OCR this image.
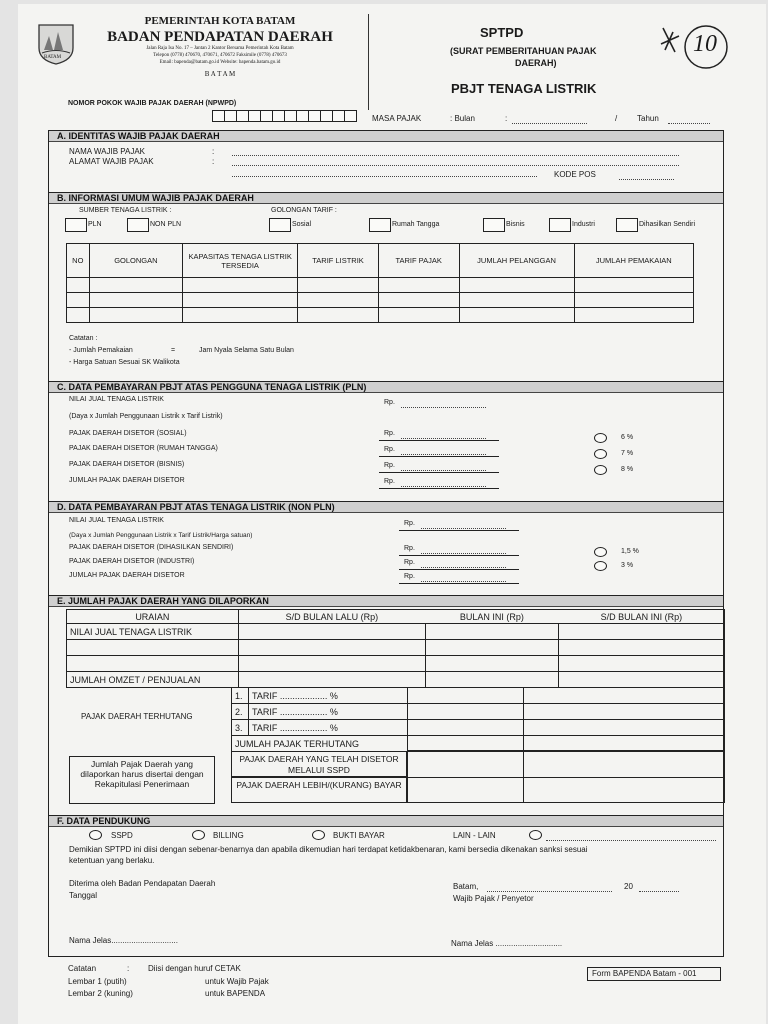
BATAM
PEMERINTAH KOTA BATAM
BADAN PENDAPATAN DAERAH
Jalan Raja Isa No. 17 – Jantan 2 Kantor Bersama Pemerintah Kota Batam
Telepon (0778) 470670, 470671, 470672 Faksimile (0778) 470673
Email: bapenda@batam.go.id Website: bapenda.batam.go.id
B A T A M
SPTPD
(SURAT PEMBERITAHUAN PAJAK
DAERAH)
PBJT TENAGA LISTRIK
10
NOMOR POKOK WAJIB PAJAK DAERAH (NPWPD)
MASA PAJAK	: Bulan	:	/ Tahun
A. IDENTITAS WAJIB PAJAK DAERAH
NAMA WAJIB PAJAK	:
ALAMAT WAJIB PAJAK	:
KODE POS
B. INFORMASI UMUM WAJIB PAJAK DAERAH
SUMBER TENAGA LISTRIK :	GOLONGAN TARIF :
PLN	NON PLN	Sosial	Rumah Tangga	Bisnis	Industri	Dihasilkan Sendiri
NO	GOLONGAN	KAPASITAS TENAGA LISTRIK TERSEDIA	TARIF LISTRIK	TARIF PAJAK	JUMLAH PELANGGAN	JUMLAH PEMAKAIAN

Catatan :
- Jumlah Pemakaian	=	Jam Nyala Selama Satu Bulan
- Harga Satuan Sesuai SK Walikota
C. DATA PEMBAYARAN PBJT ATAS PENGGUNA TENAGA LISTRIK (PLN)
NILAI JUAL TENAGA LISTRIK	Rp.
(Daya x Jumlah Penggunaan Listrik x Tarif Listrik)
PAJAK DAERAH DISETOR (SOSIAL)	Rp.
6 %
PAJAK DAERAH DISETOR (RUMAH TANGGA)	Rp.
7 %
PAJAK DAERAH DISETOR (BISNIS)	Rp.
8 %
JUMLAH PAJAK DAERAH DISETOR	Rp.
D. DATA PEMBAYARAN PBJT ATAS TENAGA LISTRIK (NON PLN)
NILAI JUAL TENAGA LISTRIK	Rp.
(Daya x Jumlah Penggunaan Listrik x Tarif Listrik/Harga satuan)
PAJAK DAERAH DISETOR (DIHASILKAN SENDIRI)	Rp.	1,5 %
PAJAK DAERAH DISETOR (INDUSTRI)	Rp.	3 %
JUMLAH PAJAK DAERAH DISETOR	Rp.
E. JUMLAH PAJAK DAERAH YANG DILAPORKAN
URAIAN	S/D BULAN LALU (Rp)	BULAN INI (Rp)	S/D BULAN INI (Rp)
NILAI JUAL TENAGA LISTRIK			

JUMLAH OMZET / PENJUALAN			
PAJAK DAERAH TERHUTANG
1.	TARIF ................... %
2.	TARIF ................... %
3.	TARIF ................... %
JUMLAH PAJAK TERHUTANG	
Jumlah Pajak Daerah yang dilaporkan harus disertai dengan Rekapitulasi Penerimaan
PAJAK DAERAH YANG TELAH DISETOR MELALUI SSPD
PAJAK DAERAH LEBIH/(KURANG) BAYAR
F. DATA PENDUKUNG
SSPD	BILLING	BUKTI BAYAR	LAIN - LAIN
Demikian SPTPD ini diisi dengan sebenar-benarnya dan apabila dikemudian hari terdapat ketidakbenaran, kami bersedia dikenakan sanksi sesuai
ketentuan yang berlaku.
Diterima oleh Badan Pendapatan Daerah
Tanggal
Batam,	20
Wajib Pajak / Penyetor
Nama Jelas..............................	Nama Jelas ..............................
Catatan	: Diisi dengan huruf CETAK
Lembar 1 (putih)	untuk Wajib Pajak
Lembar 2 (kuning)	untuk BAPENDA
Form BAPENDA Batam - 001
